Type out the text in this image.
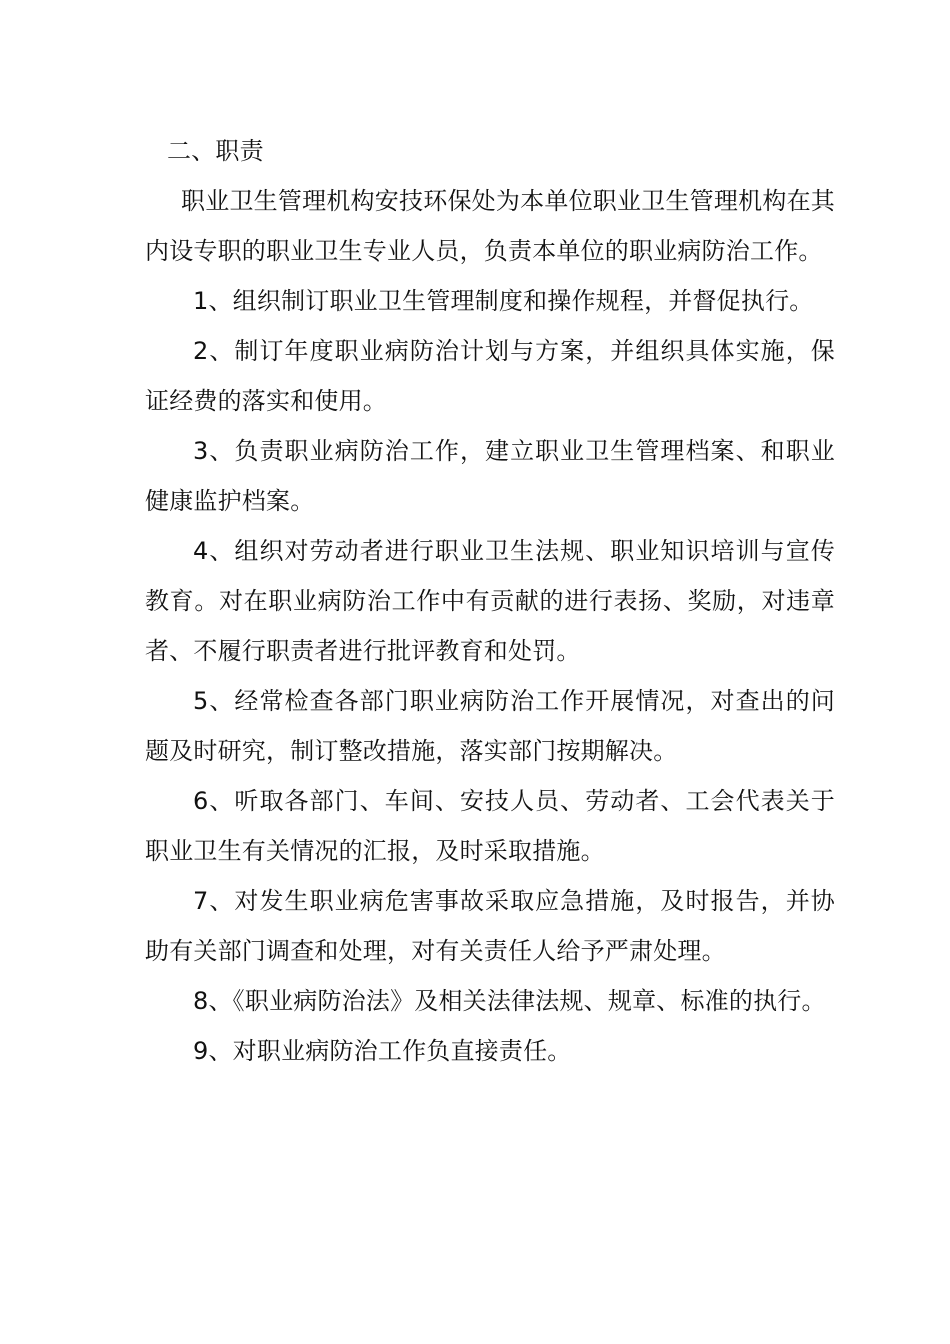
二、职责

职业卫生管理机构安技环保处为本单位职业卫生管理机构在其内设专职的职业卫生专业人员，负责本单位的职业病防治工作。

1、组织制订职业卫生管理制度和操作规程，并督促执行。

2、制订年度职业病防治计划与方案，并组织具体实施，保证经费的落实和使用。

3、负责职业病防治工作，建立职业卫生管理档案、和职业健康监护档案。

4、组织对劳动者进行职业卫生法规、职业知识培训与宣传教育。对在职业病防治工作中有贡献的进行表扬、奖励，对违章者、不履行职责者进行批评教育和处罚。

5、经常检查各部门职业病防治工作开展情况，对查出的问题及时研究，制订整改措施，落实部门按期解决。

6、听取各部门、车间、安技人员、劳动者、工会代表关于职业卫生有关情况的汇报，及时采取措施。

7、对发生职业病危害事故采取应急措施，及时报告，并协助有关部门调查和处理，对有关责任人给予严肃处理。

8、《职业病防治法》及相关法律法规、规章、标准的执行。

9、对职业病防治工作负直接责任。
